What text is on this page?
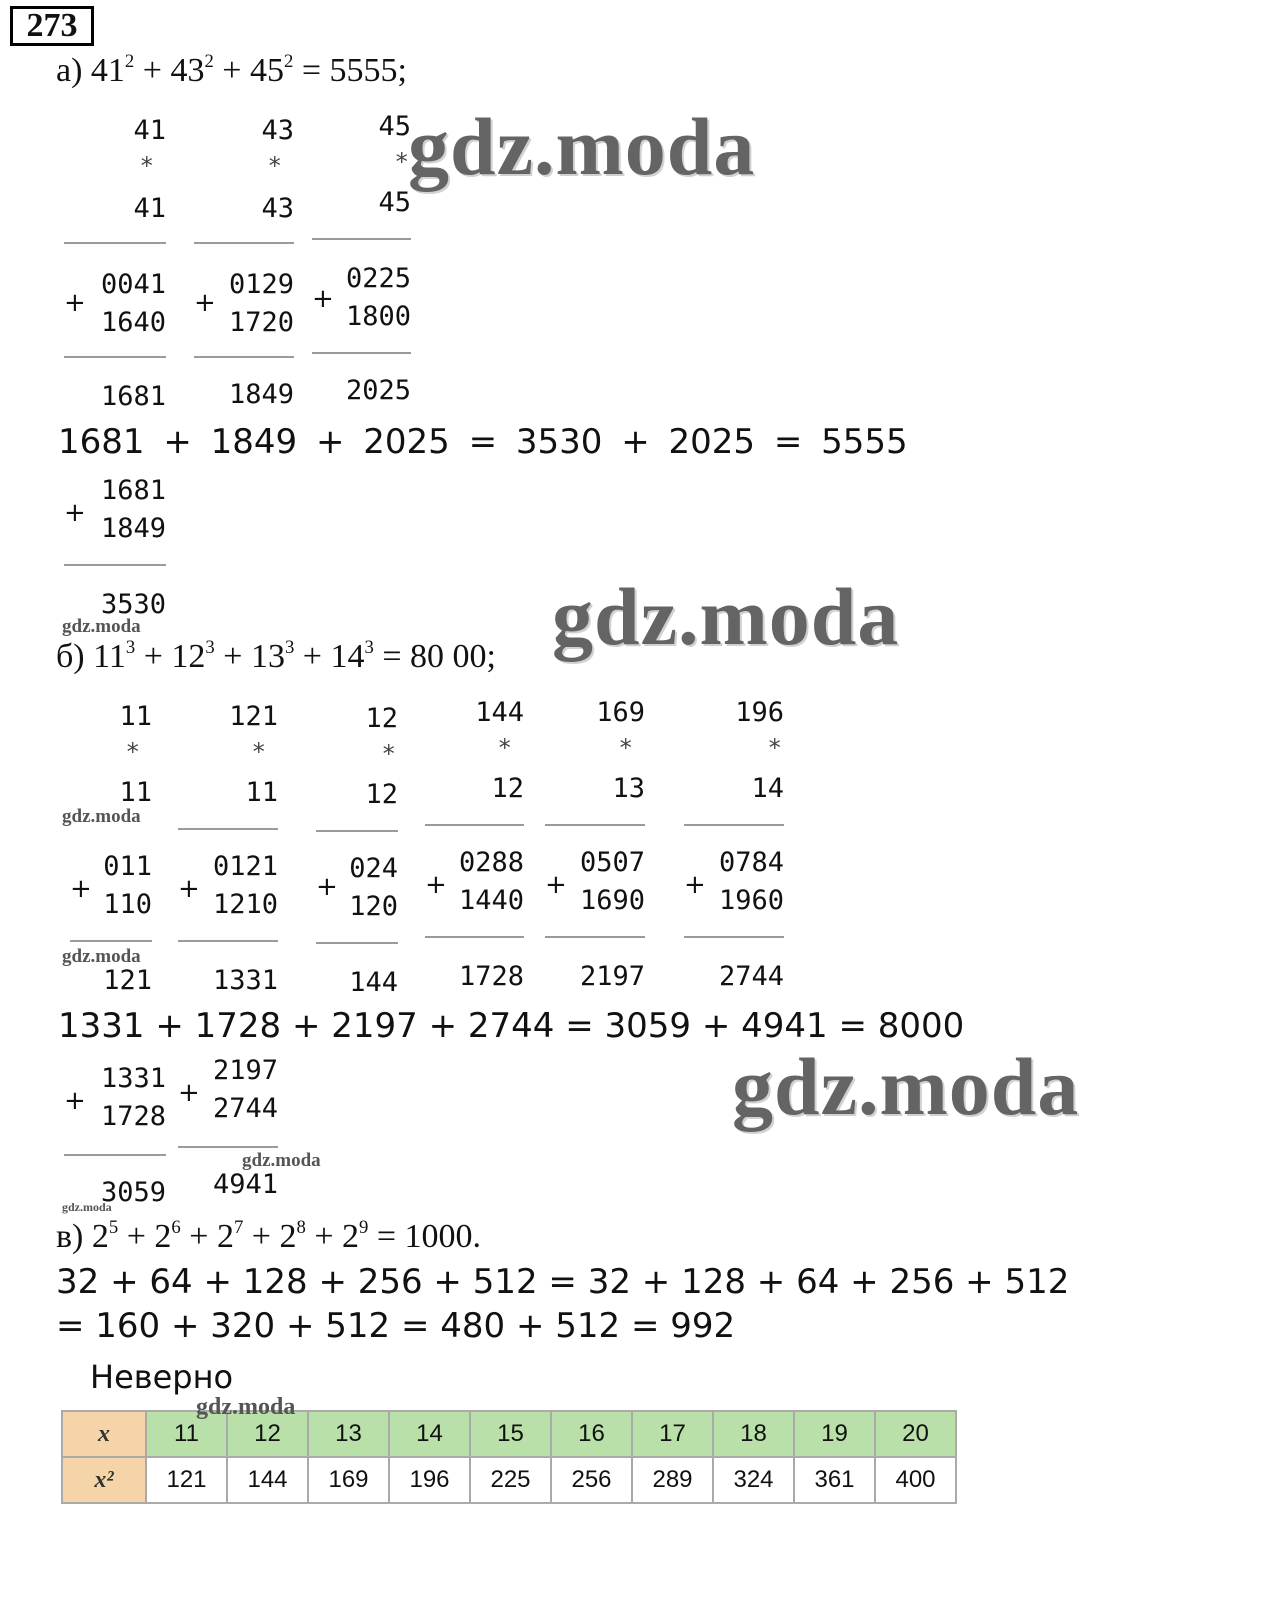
273
а) $41^2 + 43^2 + 45^2 = 5555$;
41
*
41
+
0041
1640
1681
43
*
43
+
0129
1720
1849
45
*
45
+
0225
1800
2025
1681 + 1849 + 2025 = 3530 + 2025 = 5555
1681
+ 1849
3530
б) $11^3 + 12^3 + 13^3 + 14^3 = 80$ 00;
11
*
11
+
011
110
121
121
*
11
+
0121
1210
1331
12
*
12
+
024
120
144
144
*
12
+
0288
1440
1728
169
*
13
+
0507
1690
2197
196
*
14
+
0784
1960
2744
1331 + 1728 + 2197 + 2744 = 3059 + 4941 = 8000
1331
+ 1728
3059
2197
+ 2744
4941
в) $2^5 + 2^6 + 2^7 + 2^8 + 2^9 = 1000$.
32 + 64 + 128 + 256 + 512 = 32 + 128 + 64 + 256 + 512
= 160 + 320 + 512 = 480 + 512 = 992
Неверно
x	11	12	13	14	15	16	17	18	19	20
x²	121	144	169	196	225	256	289	324	361	400
gdz.moda
gdz.moda
gdz.moda
gdz.moda
gdz.moda
gdz.moda
gdz.moda
gdz.moda
gdz.moda
